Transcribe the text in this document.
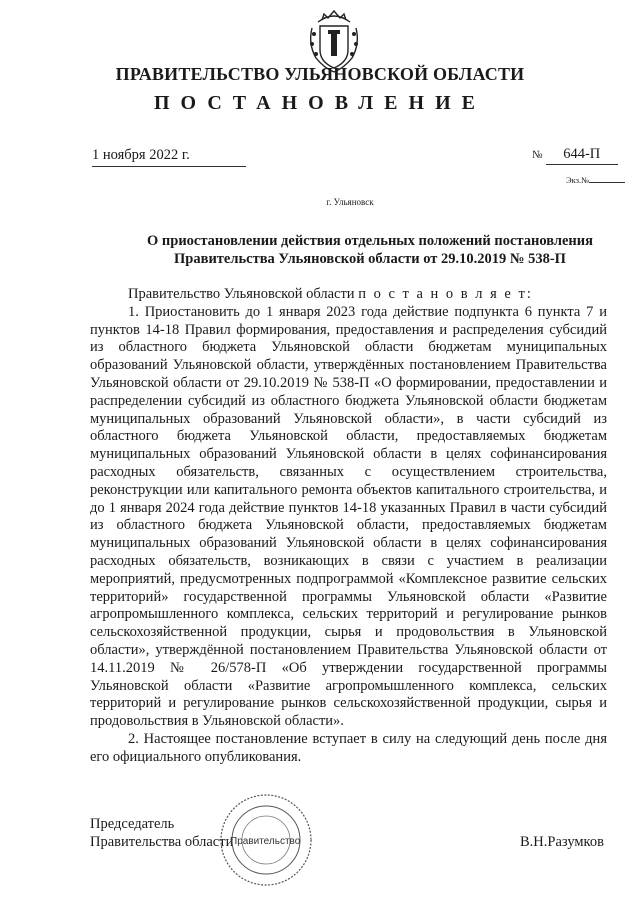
ПРАВИТЕЛЬСТВО УЛЬЯНОВСКОЙ ОБЛАСТИ
ПОСТАНОВЛЕНИЕ
1 ноября 2022 г.	№ 644-П
Экз.№
г. Ульяновск
О приостановлении действия отдельных положений постановления
Правительства Ульяновской области от 29.10.2019 № 538-П

Правительство Ульяновской области п о с т а н о в л я е т:

1. Приостановить до 1 января 2023 года действие подпункта 6 пункта 7 и пунктов 14-18 Правил формирования, предоставления и распределения субсидий из областного бюджета Ульяновской области бюджетам муниципальных образований Ульяновской области, утверждённых постановлением Правительства Ульяновской области от 29.10.2019 № 538-П «О формировании, предоставлении и распределении субсидий из областного бюджета Ульяновской области бюджетам муниципальных образований Ульяновской области», в части субсидий из областного бюджета Ульяновской области, предоставляемых бюджетам муниципальных образований Ульяновской области в целях софинансирования расходных обязательств, связанных с осуществлением строительства, реконструкции или капитального ремонта объектов капитального строительства, и до 1 января 2024 года действие пунктов 14-18 указанных Правил в части субсидий из областного бюджета Ульяновской области, предоставляемых бюджетам муниципальных образований Ульяновской области в целях софинансирования расходных обязательств, возникающих в связи с участием в реализации мероприятий, предусмотренных подпрограммой «Комплексное развитие сельских территорий» государственной программы Ульяновской области «Развитие агропромышленного комплекса, сельских территорий и регулирование рынков сельскохозяйственной продукции, сырья и продовольствия в Ульяновской области», утверждённой постановлением Правительства Ульяновской области от 14.11.2019 № 26/578-П «Об утверждении государственной программы Ульяновской области «Развитие агропромышленного комплекса, сельских территорий и регулирование рынков сельскохозяйственной продукции, сырья и продовольствия в Ульяновской области».

2. Настоящее постановление вступает в силу на следующий день после дня его официального опубликования.

Председатель
Правительства области
Правительство	В.Н.Разумков
